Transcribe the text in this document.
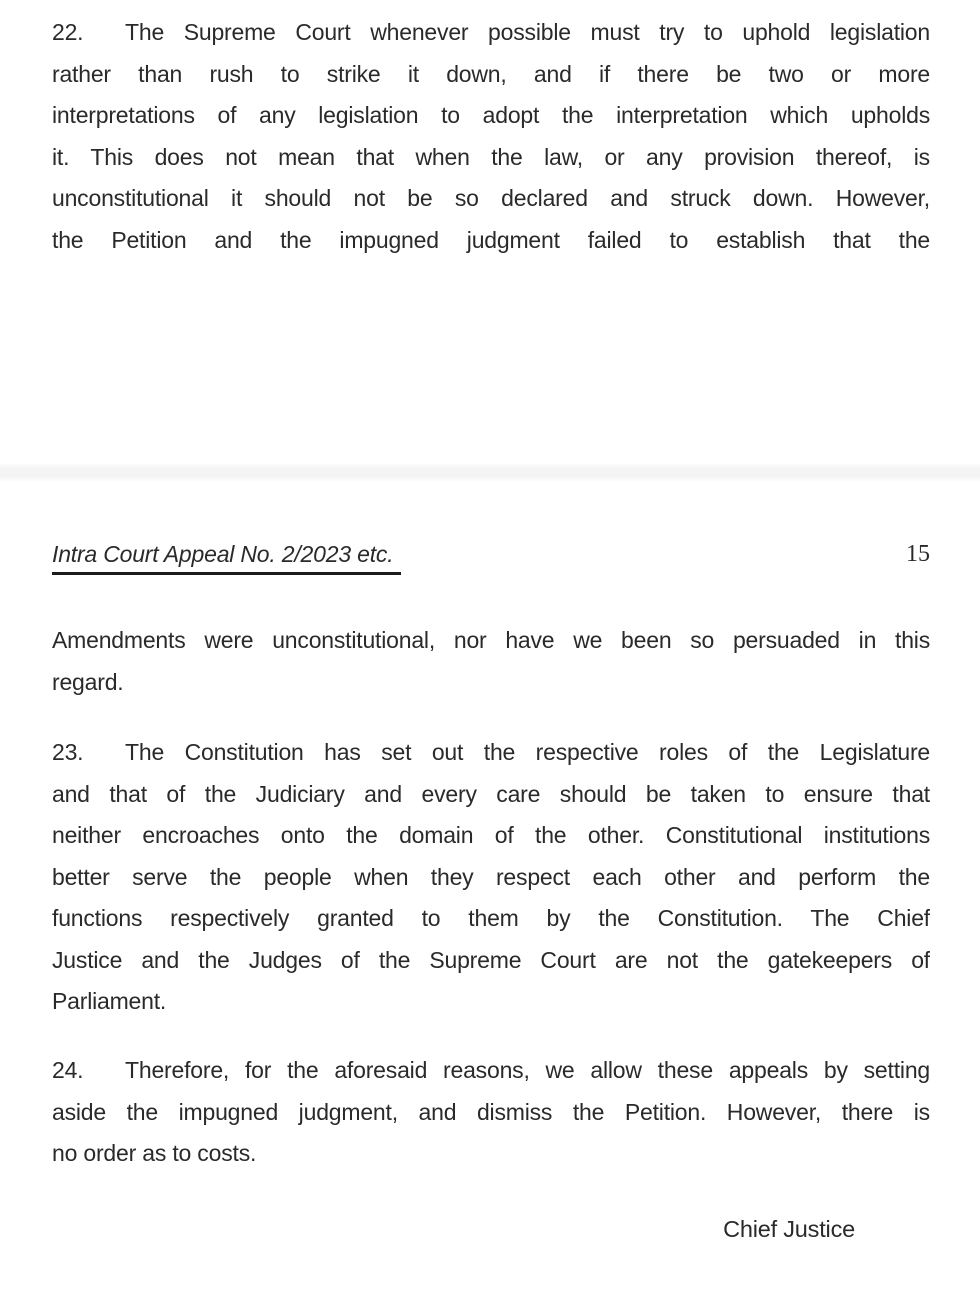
22. The Supreme Court whenever possible must try to uphold legislation
rather than rush to strike it down, and if there be two or more
interpretations of any legislation to adopt the interpretation which upholds
it. This does not mean that when the law, or any provision thereof, is
unconstitutional it should not be so declared and struck down. However,
the Petition and the impugned judgment failed to establish that the
Intra Court Appeal No. 2/2023 etc.	15
Amendments were unconstitutional, nor have we been so persuaded in this
regard.
23. The Constitution has set out the respective roles of the Legislature
and that of the Judiciary and every care should be taken to ensure that
neither encroaches onto the domain of the other. Constitutional institutions
better serve the people when they respect each other and perform the
functions respectively granted to them by the Constitution. The Chief
Justice and the Judges of the Supreme Court are not the gatekeepers of
Parliament.
24. Therefore, for the aforesaid reasons, we allow these appeals by setting
aside the impugned judgment, and dismiss the Petition. However, there is
no order as to costs.
Chief Justice
